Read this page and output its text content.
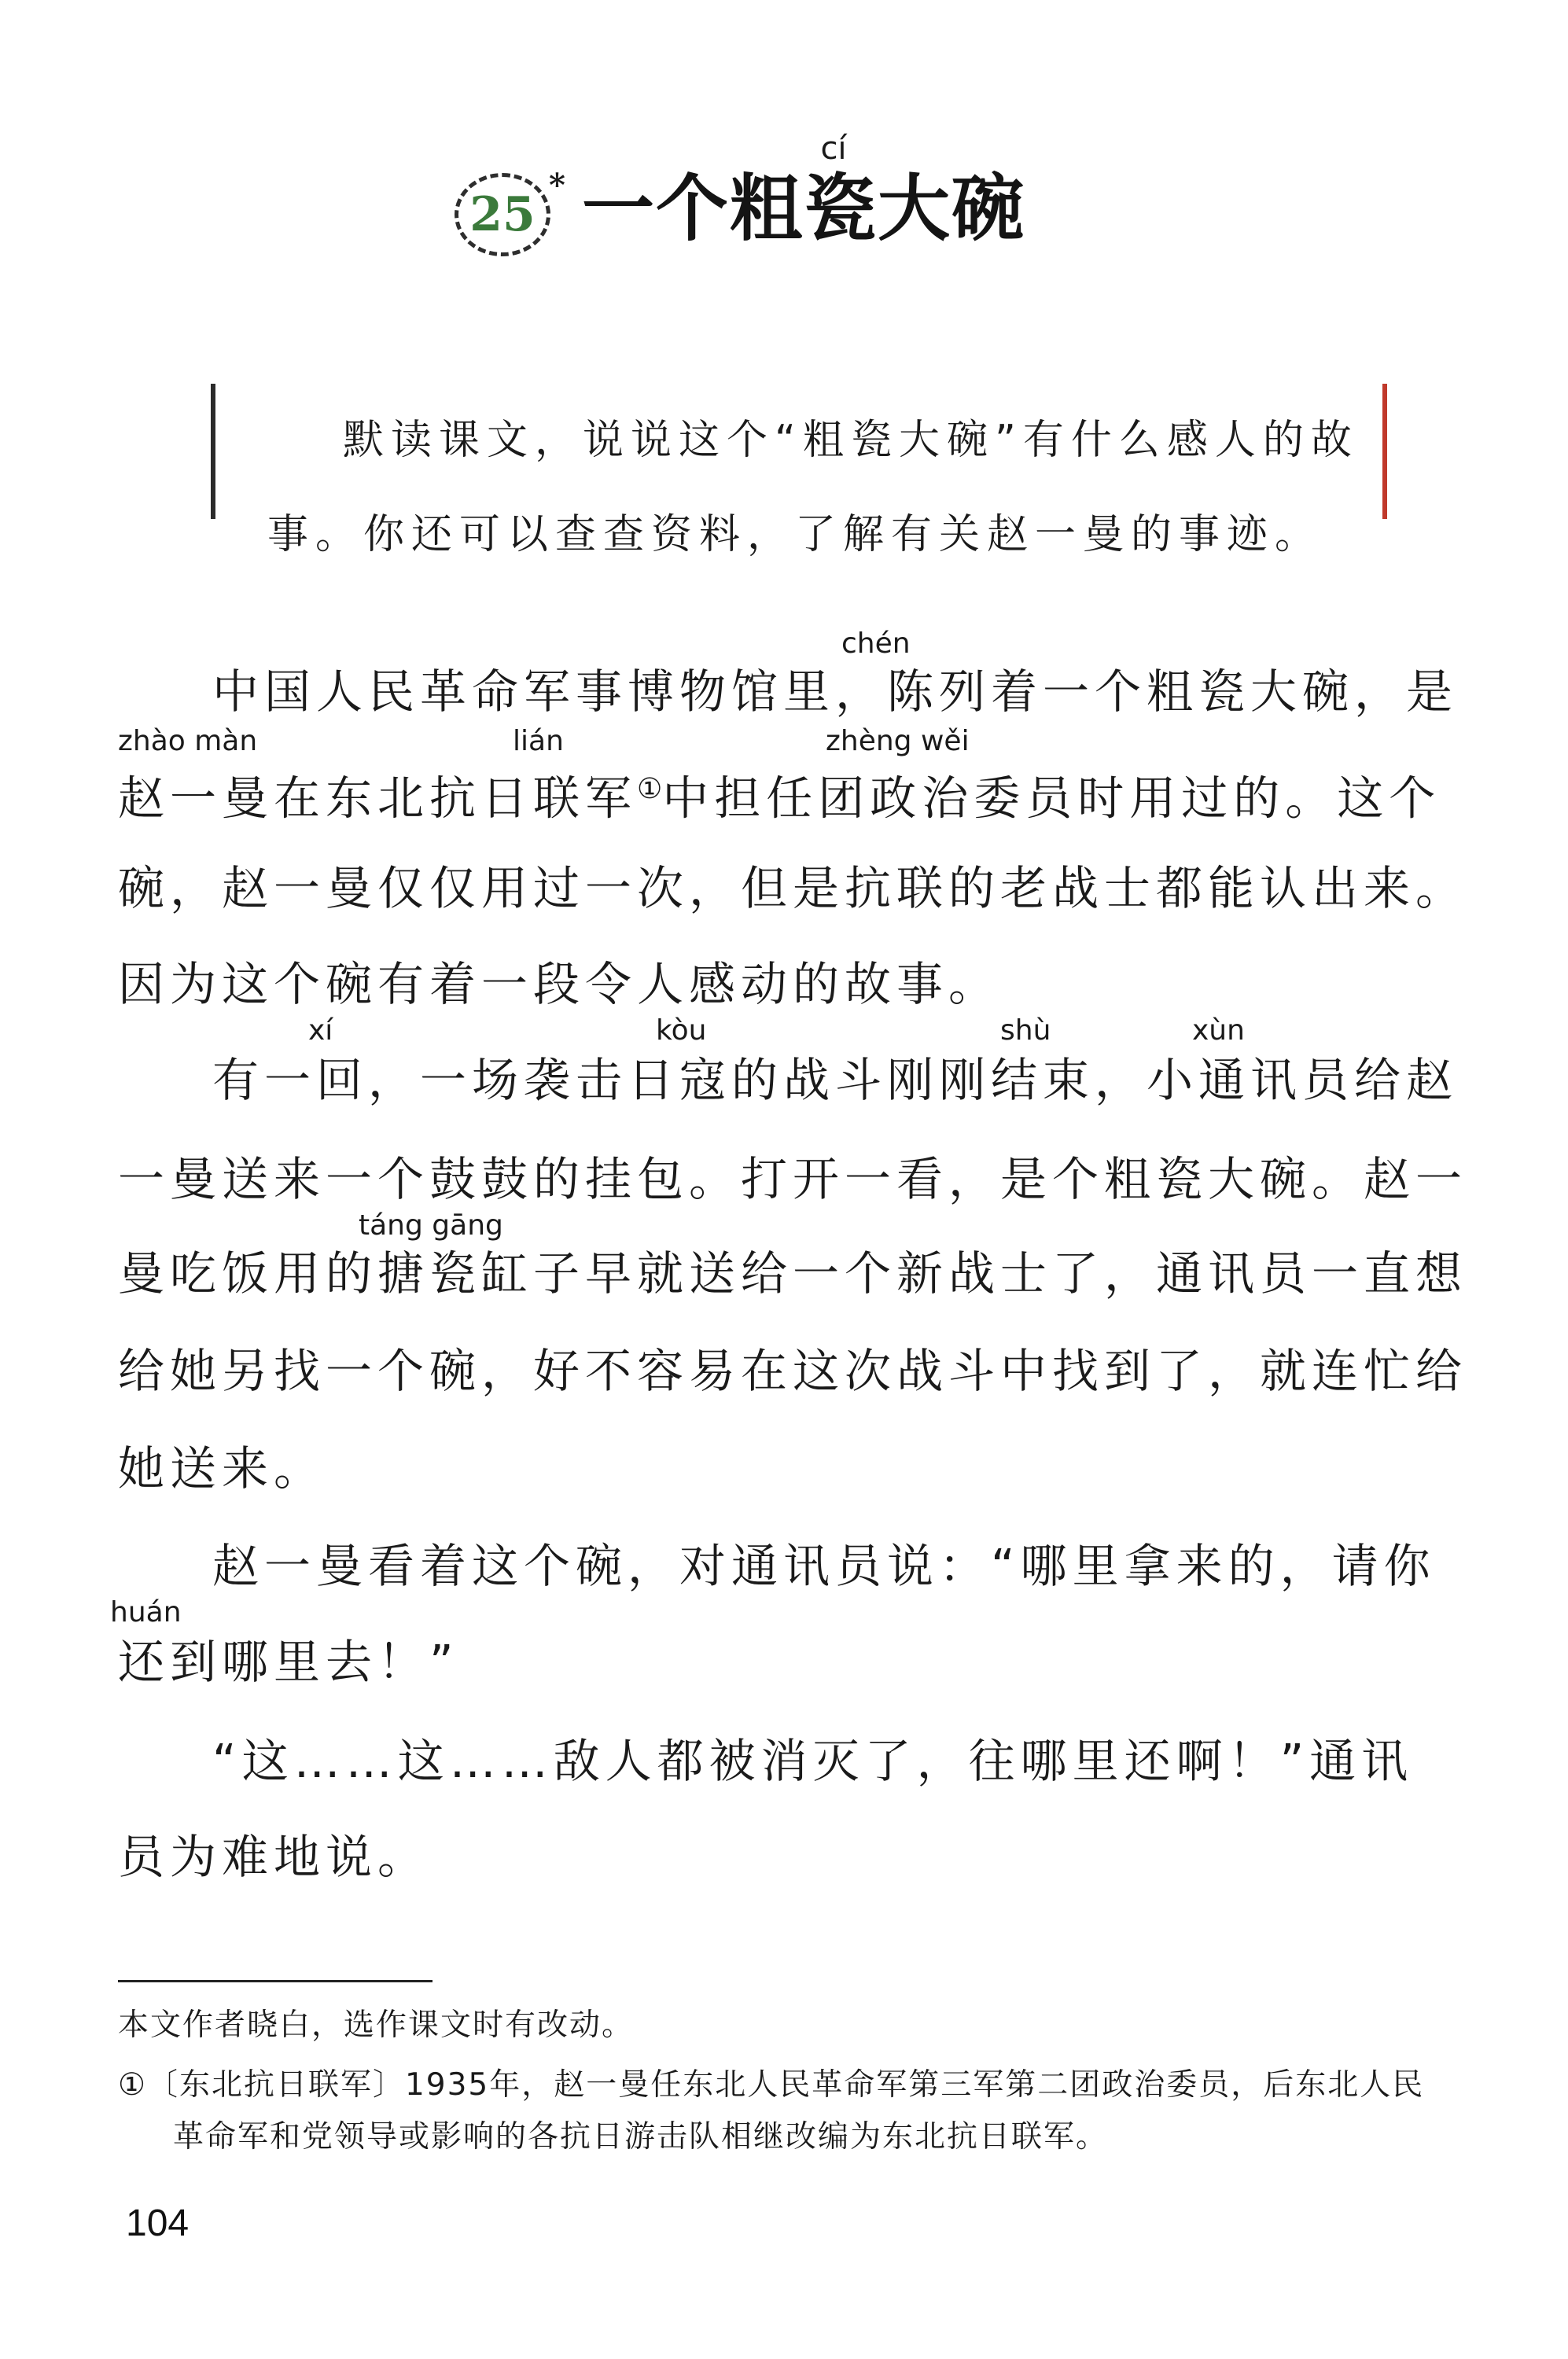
25
*
cí
一个粗瓷大碗
默读课文，说说这个“粗瓷大碗”有什么感人的故
事。你还可以查查资料，了解有关赵一曼的事迹。
chén
中国人民革命军事博物馆里，陈列着一个粗瓷大碗，是
zhào màn	lián	zhèng wěi
赵一曼在东北抗日联军①中担任团政治委员时用过的。这个
碗，赵一曼仅仅用过一次，但是抗联的老战士都能认出来。
因为这个碗有着一段令人感动的故事。
xí	kòu	shù	xùn
有一回，一场袭击日寇的战斗刚刚结束，小通讯员给赵
一曼送来一个鼓鼓的挂包。打开一看，是个粗瓷大碗。赵一
táng gāng
曼吃饭用的搪瓷缸子早就送给一个新战士了，通讯员一直想
给她另找一个碗，好不容易在这次战斗中找到了，就连忙给
她送来。
赵一曼看着这个碗，对通讯员说：“哪里拿来的，请你
huán
还到哪里去！”
“这……这……敌人都被消灭了，往哪里还啊！”通讯
员为难地说。
本文作者晓白，选作课文时有改动。
①〔东北抗日联军〕1935年，赵一曼任东北人民革命军第三军第二团政治委员，后东北人民
革命军和党领导或影响的各抗日游击队相继改编为东北抗日联军。
104
